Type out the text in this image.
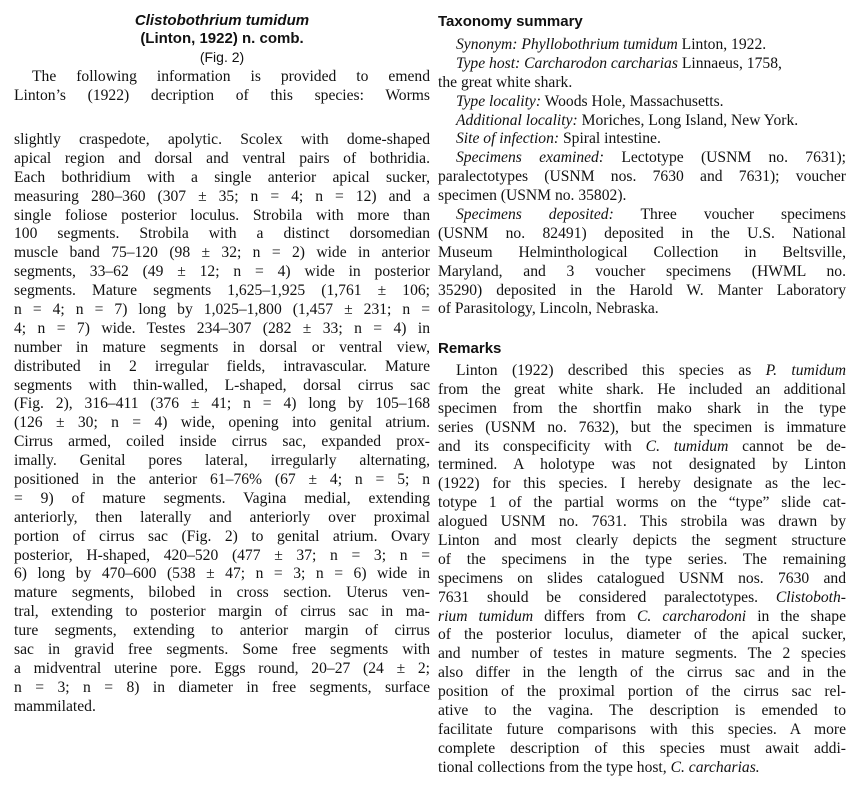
Clistobothrium tumidum
(Linton, 1922) n. comb.
(Fig. 2)
The following information is provided to emend
Linton’s (1922) decription of this species: Worms
slightly craspedote, apolytic. Scolex with dome-shaped
apical region and dorsal and ventral pairs of bothridia.
Each bothridium with a single anterior apical sucker,
measuring 280–360 (307 ± 35; n = 4; n = 12) and a
single foliose posterior loculus. Strobila with more than
100 segments. Strobila with a distinct dorsomedian
muscle band 75–120 (98 ± 32; n = 2) wide in anterior
segments, 33–62 (49 ± 12; n = 4) wide in posterior
segments. Mature segments 1,625–1,925 (1,761 ± 106;
n = 4; n = 7) long by 1,025–1,800 (1,457 ± 231; n =
4; n = 7) wide. Testes 234–307 (282 ± 33; n = 4) in
number in mature segments in dorsal or ventral view,
distributed in 2 irregular fields, intravascular. Mature
segments with thin-walled, L-shaped, dorsal cirrus sac
(Fig. 2), 316–411 (376 ± 41; n = 4) long by 105–168
(126 ± 30; n = 4) wide, opening into genital atrium.
Cirrus armed, coiled inside cirrus sac, expanded prox-
imally. Genital pores lateral, irregularly alternating,
positioned in the anterior 61–76% (67 ± 4; n = 5; n
= 9) of mature segments. Vagina medial, extending
anteriorly, then laterally and anteriorly over proximal
portion of cirrus sac (Fig. 2) to genital atrium. Ovary
posterior, H-shaped, 420–520 (477 ± 37; n = 3; n =
6) long by 470–600 (538 ± 47; n = 3; n = 6) wide in
mature segments, bilobed in cross section. Uterus ven-
tral, extending to posterior margin of cirrus sac in ma-
ture segments, extending to anterior margin of cirrus
sac in gravid free segments. Some free segments with
a midventral uterine pore. Eggs round, 20–27 (24 ± 2;
n = 3; n = 8) in diameter in free segments, surface
mammilated.
Taxonomy summary
Synonym: Phyllobothrium tumidum Linton, 1922.
Type host: Carcharodon carcharias Linnaeus, 1758,
the great white shark.
Type locality: Woods Hole, Massachusetts.
Additional locality: Moriches, Long Island, New York.
Site of infection: Spiral intestine.
Specimens examined: Lectotype (USNM no. 7631);
paralectotypes (USNM nos. 7630 and 7631); voucher
specimen (USNM no. 35802).
Specimens deposited: Three voucher specimens
(USNM no. 82491) deposited in the U.S. National
Museum Helminthological Collection in Beltsville,
Maryland, and 3 voucher specimens (HWML no.
35290) deposited in the Harold W. Manter Laboratory
of Parasitology, Lincoln, Nebraska.
Remarks
Linton (1922) described this species as P. tumidum
from the great white shark. He included an additional
specimen from the shortfin mako shark in the type
series (USNM no. 7632), but the specimen is immature
and its conspecificity with C. tumidum cannot be de-
termined. A holotype was not designated by Linton
(1922) for this species. I hereby designate as the lec-
totype 1 of the partial worms on the “type” slide cat-
alogued USNM no. 7631. This strobila was drawn by
Linton and most clearly depicts the segment structure
of the specimens in the type series. The remaining
specimens on slides catalogued USNM nos. 7630 and
7631 should be considered paralectotypes. Clistoboth-
rium tumidum differs from C. carcharodoni in the shape
of the posterior loculus, diameter of the apical sucker,
and number of testes in mature segments. The 2 species
also differ in the length of the cirrus sac and in the
position of the proximal portion of the cirrus sac rel-
ative to the vagina. The description is emended to
facilitate future comparisons with this species. A more
complete description of this species must await addi-
tional collections from the type host, C. carcharias.
